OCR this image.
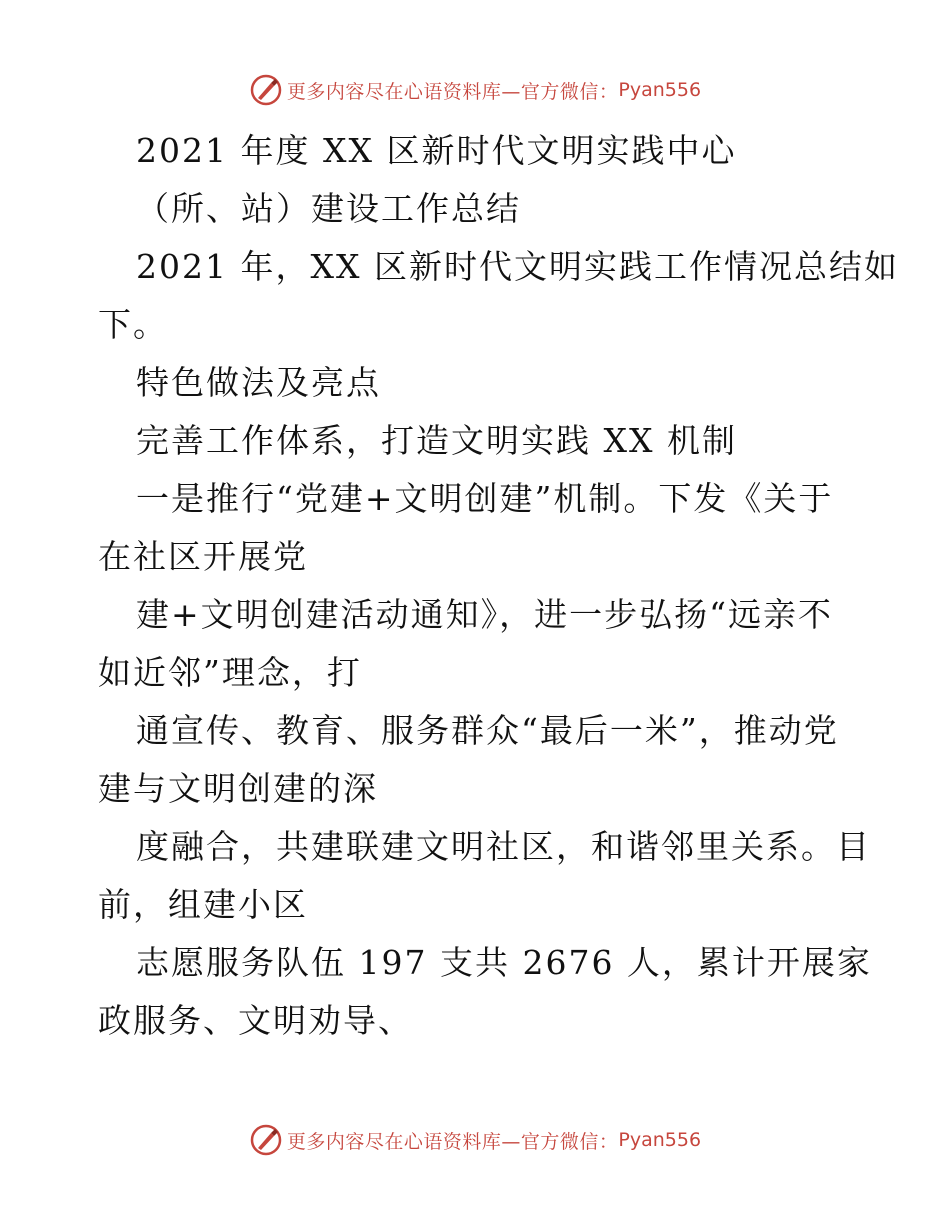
更多内容尽在心语资料库—官方微信： Pyan556
2021 年度 XX 区新时代文明实践中心
（所、站）建设工作总结
2021 年，XX 区新时代文明实践工作情况总结如
下。
特色做法及亮点
完善工作体系，打造文明实践 XX 机制
一是推行“党建+文明创建”机制。下发《关于
在社区开展党
建+文明创建活动通知》，进一步弘扬“远亲不
如近邻”理念，打
通宣传、教育、服务群众“最后一米”，推动党
建与文明创建的深
度融合，共建联建文明社区，和谐邻里关系。目
前，组建小区
志愿服务队伍 197 支共 2676 人，累计开展家
政服务、文明劝导、
更多内容尽在心语资料库—官方微信： Pyan556
